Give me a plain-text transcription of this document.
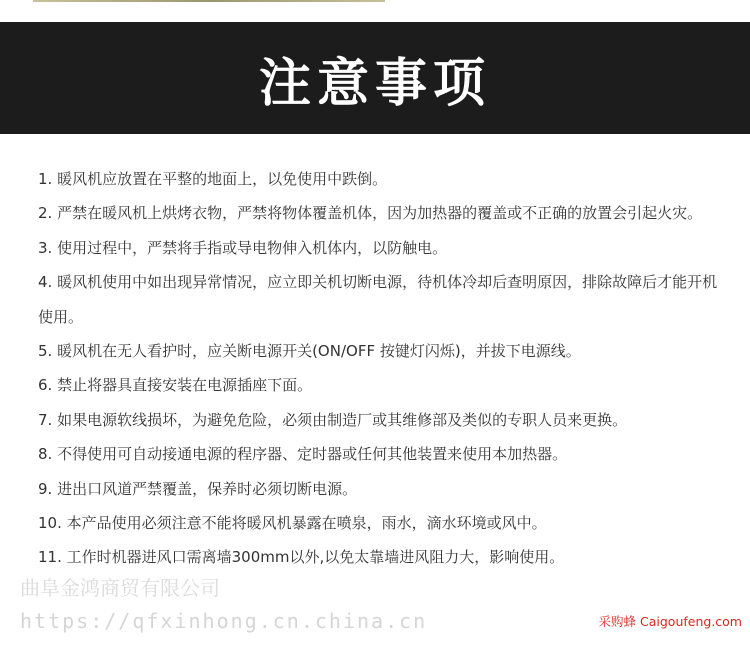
注意事项
1. 暖风机应放置在平整的地面上，以免使用中跌倒。
2. 严禁在暖风机上烘烤衣物，严禁将物体覆盖机体，因为加热器的覆盖或不正确的放置会引起火灾。
3. 使用过程中，严禁将手指或导电物伸入机体内，以防触电。
4. 暖风机使用中如出现异常情况，应立即关机切断电源，待机体冷却后查明原因，排除故障后才能开机使用。
5. 暖风机在无人看护时，应关断电源开关(ON/OFF 按键灯闪烁)，并拔下电源线。
6. 禁止将器具直接安装在电源插座下面。
7. 如果电源软线损坏，为避免危险，必须由制造厂或其维修部及类似的专职人员来更换。
8. 不得使用可自动接通电源的程序器、定时器或任何其他装置来使用本加热器。
9. 进出口风道严禁覆盖，保养时必须切断电源。
10. 本产品使用必须注意不能将暖风机暴露在喷泉，雨水，滴水环境或风中。
11. 工作时机器进风口需离墙300mm以外,以免太靠墙进风阻力大，影响使用。
曲阜金鸿商贸有限公司
https://qfxinhong.cn.china.cn	采购蜂 Caigoufeng.com
